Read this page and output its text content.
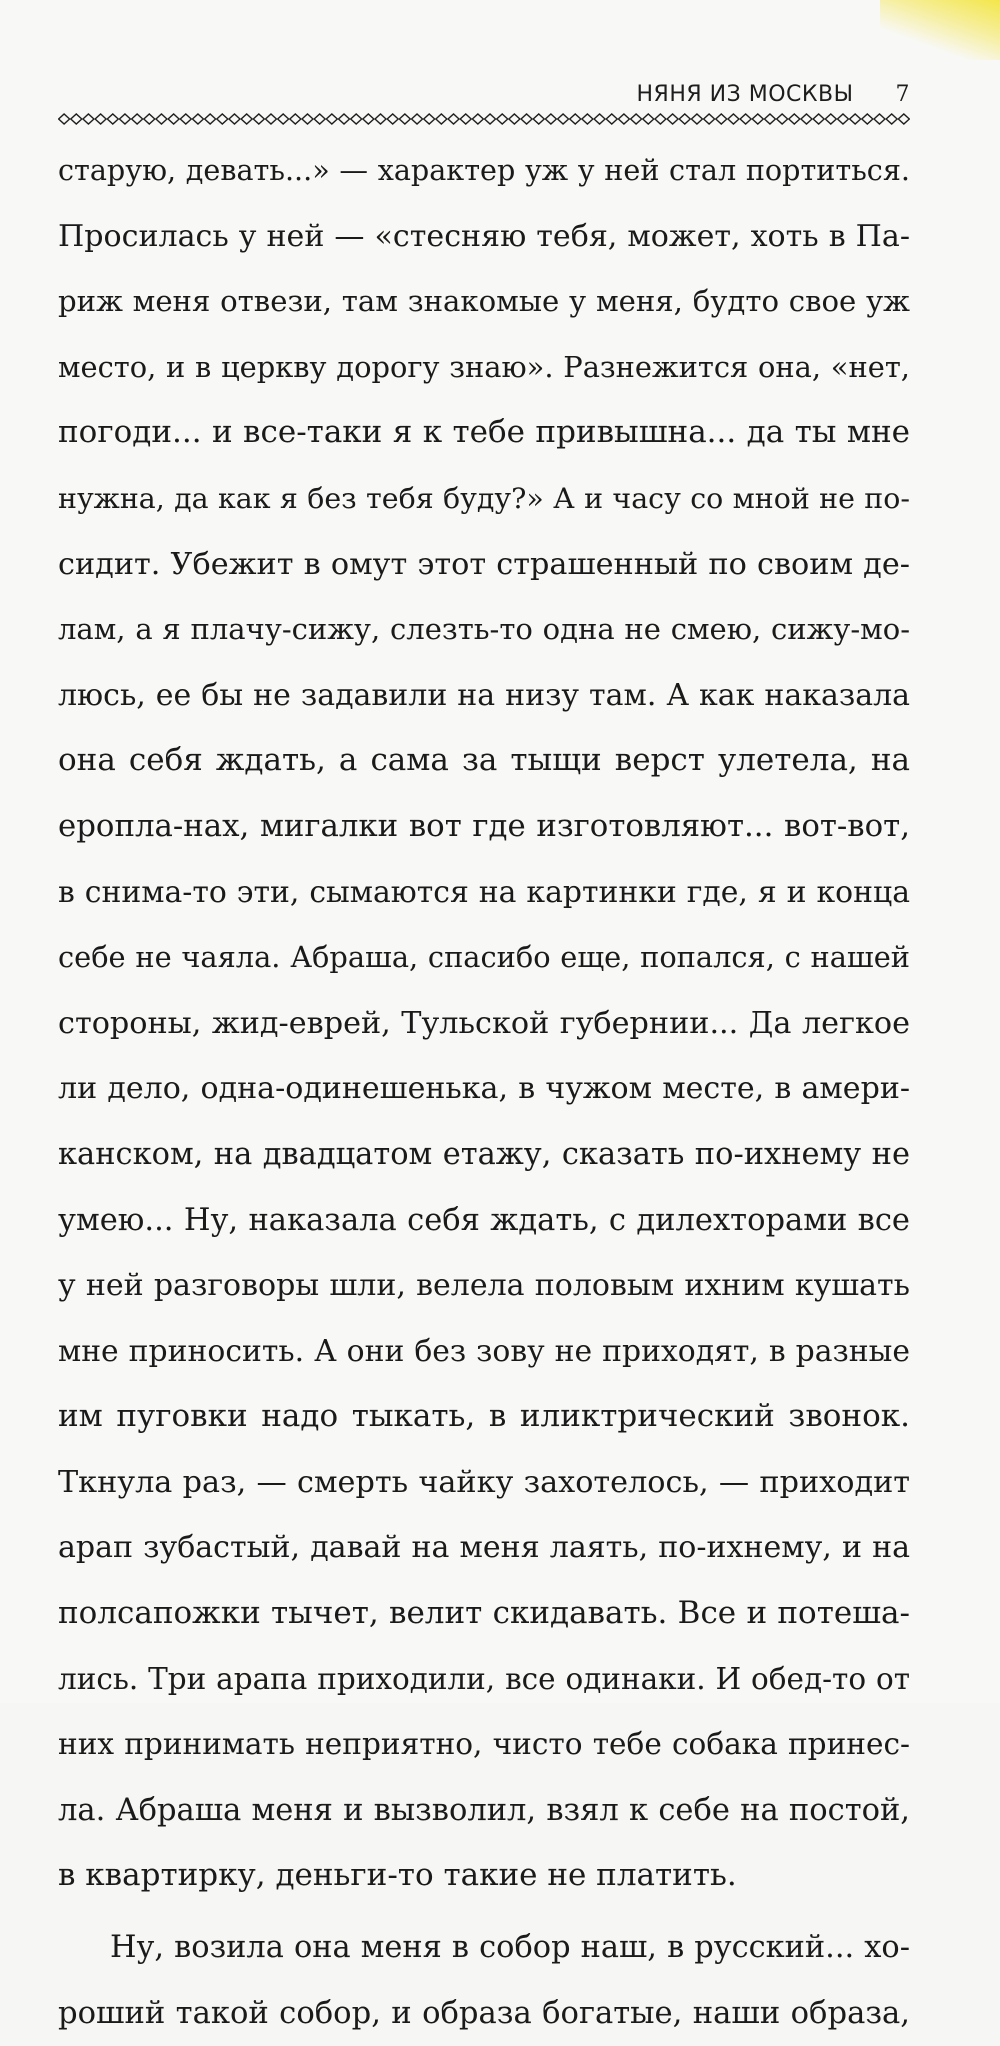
НЯНЯ ИЗ МОСКВЫ 7
старую, девать...» — характер уж у ней стал портиться.
Просилась у ней — «стесняю тебя, может, хоть в Па-
риж меня отвези, там знакомые у меня, будто свое уж
место, и в церкву дорогу знаю». Разнежится она, «нет,
погоди... и все-таки я к тебе привышна... да ты мне
нужна, да как я без тебя буду?» А и часу со мной не по-
сидит. Убежит в омут этот страшенный по своим де-
лам, а я плачу-сижу, слезть-то одна не смею, сижу-мо-
люсь, ее бы не задавили на низу там. А как наказала
она себя ждать, а сама за тыщи верст улетела, на
еропла-нах, мигалки вот где изготовляют... вот-вот,
в снима-то эти, сымаются на картинки где, я и конца
себе не чаяла. Абраша, спасибо еще, попался, с нашей
стороны, жид-еврей, Тульской губернии... Да легкое
ли дело, одна-одинешенька, в чужом месте, в амери-
канском, на двадцатом етажу, сказать по-ихнему не
умею... Ну, наказала себя ждать, с дилехторами все
у ней разговоры шли, велела половым ихним кушать
мне приносить. А они без зову не приходят, в разные
им пуговки надо тыкать, в иликтрический звонок.
Ткнула раз, — смерть чайку захотелось, — приходит
арап зубастый, давай на меня лаять, по-ихнему, и на
полсапожки тычет, велит скидавать. Все и потеша-
лись. Три арапа приходили, все одинаки. И обед-то от
них принимать неприятно, чисто тебе собака принес-
ла. Абраша меня и вызволил, взял к себе на постой,
в квартирку, деньги-то такие не платить.
Ну, возила она меня в собор наш, в русский... хо-
роший такой собор, и образа богатые, наши образа,
